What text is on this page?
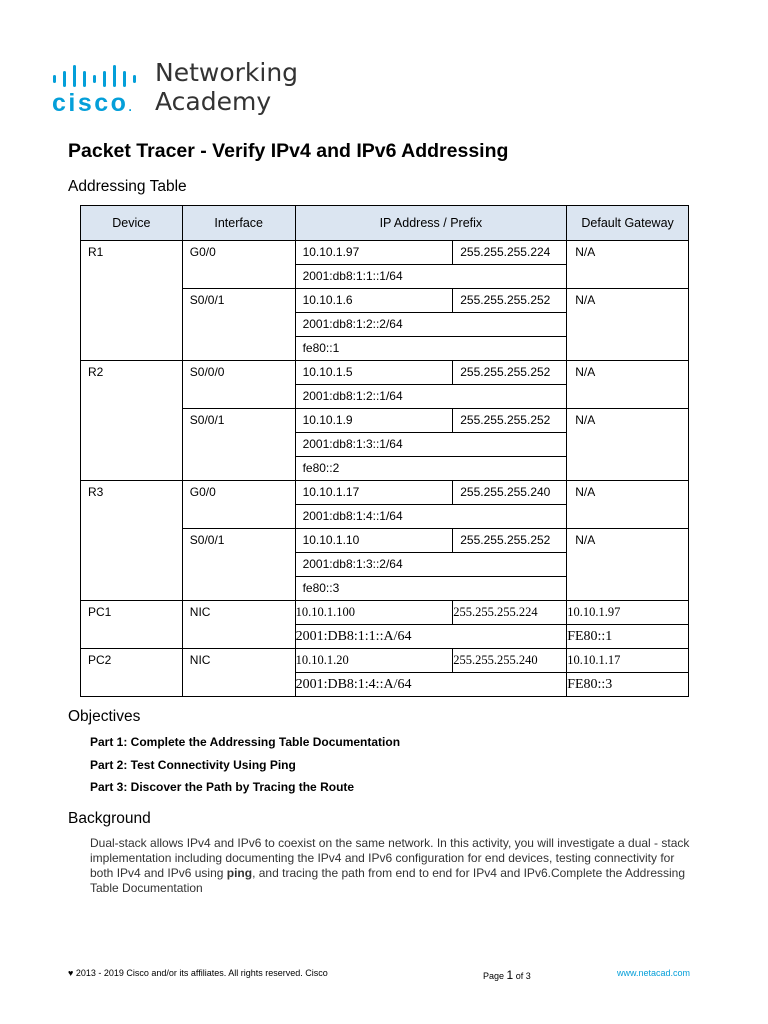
cisco.
Networking
Academy
Packet Tracer - Verify IPv4 and IPv6 Addressing
Addressing Table
Device	Interface	IP Address / Prefix		Default Gateway
R1	G0/0	10.10.1.97	255.255.255.224	N/A
		2001:db8:1:1::1/64		
	S0/0/1	10.10.1.6	255.255.255.252	N/A
		2001:db8:1:2::2/64		
		fe80::1		
R2	S0/0/0	10.10.1.5	255.255.255.252	N/A
		2001:db8:1:2::1/64		
	S0/0/1	10.10.1.9	255.255.255.252	N/A
		2001:db8:1:3::1/64		
		fe80::2		
R3	G0/0	10.10.1.17	255.255.255.240	N/A
		2001:db8:1:4::1/64		
	S0/0/1	10.10.1.10	255.255.255.252	N/A
		2001:db8:1:3::2/64		
		fe80::3		
PC1	NIC	10.10.1.100	255.255.255.224	10.10.1.97
		2001:DB8:1:1::A/64		FE80::1
PC2	NIC	10.10.1.20	255.255.255.240	10.10.1.17
		2001:DB8:1:4::A/64		FE80::3
Objectives
Part 1: Complete the Addressing Table Documentation
Part 2: Test Connectivity Using Ping
Part 3: Discover the Path by Tracing the Route
Background
Dual-stack allows IPv4 and IPv6 to coexist on the same network. In this activity, you will investigate a dual - stack implementation including documenting the IPv4 and IPv6 configuration for end devices, testing connectivity for both IPv4 and IPv6 using ping, and tracing the path from end to end for IPv4 and IPv6.Complete the Addressing Table Documentation
♥ 2013 - 2019 Cisco and/or its affiliates. All rights reserved. Cisco	Page 1 of 3	www.netacad.com
